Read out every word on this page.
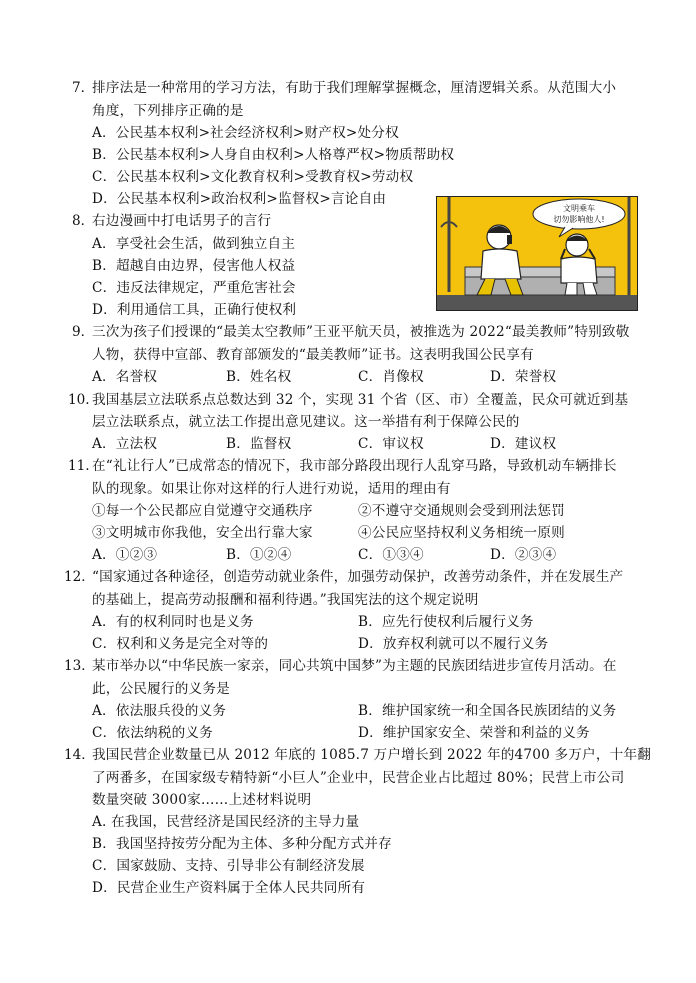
7．
排序法是一种常用的学习方法，有助于我们理解掌握概念，厘清逻辑关系。从范围大小
角度，下列排序正确的是
A．公民基本权利>社会经济权利>财产权>处分权
B．公民基本权利>人身自由权利>人格尊严权>物质帮助权
C．公民基本权利>文化教育权利>受教育权>劳动权
D．公民基本权利>政治权利>监督权>言论自由
8．
右边漫画中打电话男子的言行
A．享受社会生活，做到独立自主
B．超越自由边界，侵害他人权益
C．违反法律规定，严重危害社会
D．利用通信工具，正确行使权利
文明乘车
切勿影响他人!
9．
三次为孩子们授课的“最美太空教师”王亚平航天员，被推选为 2022“最美教师”特别致敬
人物，获得中宣部、教育部颁发的“最美教师”证书。这表明我国公民享有
A．名誉权	B．姓名权	C．肖像权	D．荣誉权
10. 我国基层立法联系点总数达到 32 个，实现 31 个省（区、市）全覆盖，民众可就近到基
层立法联系点，就立法工作提出意见建议。这一举措有利于保障公民的
A．立法权	B．监督权	C．审议权	D．建议权
11. 在“礼让行人”已成常态的情况下，我市部分路段出现行人乱穿马路，导致机动车辆排长
队的现象。如果让你对这样的行人进行劝说，适用的理由有
①每一个公民都应自觉遵守交通秩序	②不遵守交通规则会受到刑法惩罚
③文明城市你我他，安全出行靠大家	④公民应坚持权利义务相统一原则
A．①②③	B．①②④	C．①③④	D．②③④
12．
“国家通过各种途径，创造劳动就业条件，加强劳动保护，改善劳动条件，并在发展生产
的基础上，提高劳动报酬和福利待遇。”我国宪法的这个规定说明
A．有的权利同时也是义务	B．应先行使权利后履行义务
C．权利和义务是完全对等的	D．放弃权利就可以不履行义务
13．
某市举办以“中华民族一家亲，同心共筑中国梦”为主题的民族团结进步宣传月活动。在
此，公民履行的义务是
A．依法服兵役的义务	B．维护国家统一和全国各民族团结的义务
C．依法纳税的义务	D．维护国家安全、荣誉和利益的义务
14．
我国民营企业数量已从 2012 年底的 1085.7 万户增长到 2022 年的4700 多万户，十年翻
了两番多，在国家级专精特新“小巨人”企业中，民营企业占比超过 80%；民营上市公司
数量突破 3000家……上述材料说明
A. 在我国，民营经济是国民经济的主导力量
B．我国坚持按劳分配为主体、多种分配方式并存
C．国家鼓励、支持、引导非公有制经济发展
D．民营企业生产资料属于全体人民共同所有
